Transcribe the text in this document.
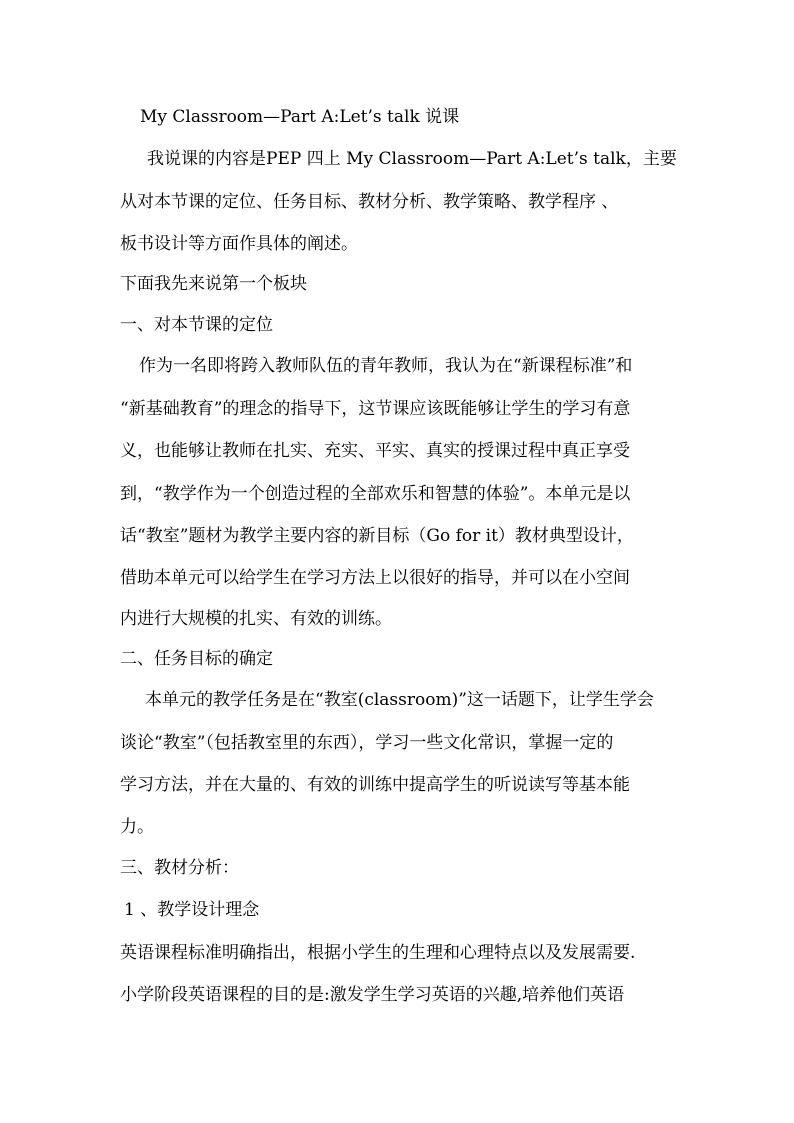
My Classroom—Part A:Let’s talk 说课
我说课的内容是PEP 四上 My Classroom—Part A:Let’s talk，主要
从对本节课的定位、任务目标、教材分析、教学策略、教学程序 、
板书设计等方面作具体的阐述。
下面我先来说第一个板块
一、对本节课的定位
作为一名即将跨入教师队伍的青年教师，我认为在“新课程标准”和
“新基础教育”的理念的指导下，这节课应该既能够让学生的学习有意
义，也能够让教师在扎实、充实、平实、真实的授课过程中真正享受
到，“教学作为一个创造过程的全部欢乐和智慧的体验”。本单元是以
话“教室”题材为教学主要内容的新目标（Go for it）教材典型设计，
借助本单元可以给学生在学习方法上以很好的指导，并可以在小空间
内进行大规模的扎实、有效的训练。
二、任务目标的确定
本单元的教学任务是在“教室(classroom)”这一话题下，让学生学会
谈论“教室”（包括教室里的东西），学习一些文化常识，掌握一定的
学习方法，并在大量的、有效的训练中提高学生的听说读写等基本能
力。
三、教材分析：
1 、教学设计理念
英语课程标准明确指出，根据小学生的生理和心理特点以及发展需要.
小学阶段英语课程的目的是:激发学生学习英语的兴趣,培养他们英语
